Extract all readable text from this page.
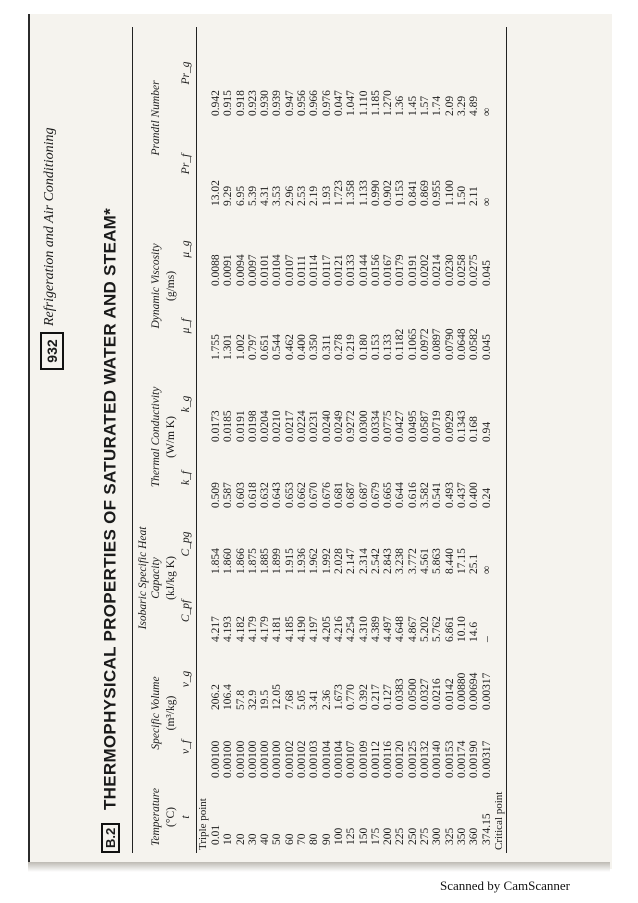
932
Refrigeration and Air Conditioning
B.2 THERMOPHYSICAL PROPERTIES OF SATURATED WATER AND STEAM*
Temperature	Specific Volume		Isobaric Specific Heat Capacity		Thermal Conductivity		Dynamic Viscosity		Prandtl Number	
(°C)	(m³/kg)		(kJ/kg K)		(W/m K)		(g/ms)			
t	v_f	v_g	C_pf	C_pg	k_f	k_g	μ_f	μ_g	Pr_f	Pr_g

Triple point										
0.01	0.00100	206.2	4.217	1.854	0.509	0.0173	1.755	0.0088	13.02	0.942
10	0.00100	106.4	4.193	1.860	0.587	0.0185	1.301	0.0091	9.29	0.915
20	0.00100	57.8	4.182	1.866	0.603	0.0191	1.002	0.0094	6.95	0.918
30	0.00100	32.9	4.179	1.875	0.618	0.0198	0.797	0.0097	5.39	0.923
40	0.00100	19.5	4.179	1.885	0.632	0.0204	0.651	0.0101	4.31	0.930
50	0.00100	12.05	4.181	1.899	0.643	0.0210	0.544	0.0104	3.53	0.939
60	0.00102	7.68	4.185	1.915	0.653	0.0217	0.462	0.0107	2.96	0.947
70	0.00102	5.05	4.190	1.936	0.662	0.0224	0.400	0.0111	2.53	0.956
80	0.00103	3.41	4.197	1.962	0.670	0.0231	0.350	0.0114	2.19	0.966
90	0.00104	2.36	4.205	1.992	0.676	0.0240	0.311	0.0117	1.93	0.976
100	0.00104	1.673	4.216	2.028	0.681	0.0249	0.278	0.0121	1.723	0.047
125	0.00107	0.770	4.254	2.147	0.687	0.9272	0.219	0.0133	1.358	1.047
150	0.00109	0.392	4.310	2.314	0.687	0.0300	0.180	0.0144	1.133	1.110
175	0.00112	0.217	4.389	2.542	0.679	0.0334	0.153	0.0156	0.990	1.185
200	0.00116	0.127	4.497	2.843	0.665	0.0775	0.133	0.0167	0.902	1.270
225	0.00120	0.0383	4.648	3.238	0.644	0.0427	0.1182	0.0179	0.153	1.36
250	0.00125	0.0500	4.867	3.772	0.616	0.0495	0.1065	0.0191	0.841	1.45
275	0.00132	0.0327	5.202	4.561	3.582	0.0587	0.0972	0.0202	0.869	1.57
300	0.00140	0.0216	5.762	5.863	0.541	0.0719	0.0897	0.0214	0.955	1.74
325	0.00153	0.0142	6.861	8.440	0.493	0.0929	0.0790	0.0230	1.100	2.09
350	0.00174	0.00880	10.10	17.15	0.437	0.1343	0.0648	0.0258	1.50	3.29
360	0.00190	0.00694	14.6	25.1	0.400	0.168	0.0582	0.0275	2.11	4.89
374.15	0.00317	0.00317	–	∞	0.24	0.94	0.045	0.045	∞	∞
Critical point										

Scanned by CamScanner
